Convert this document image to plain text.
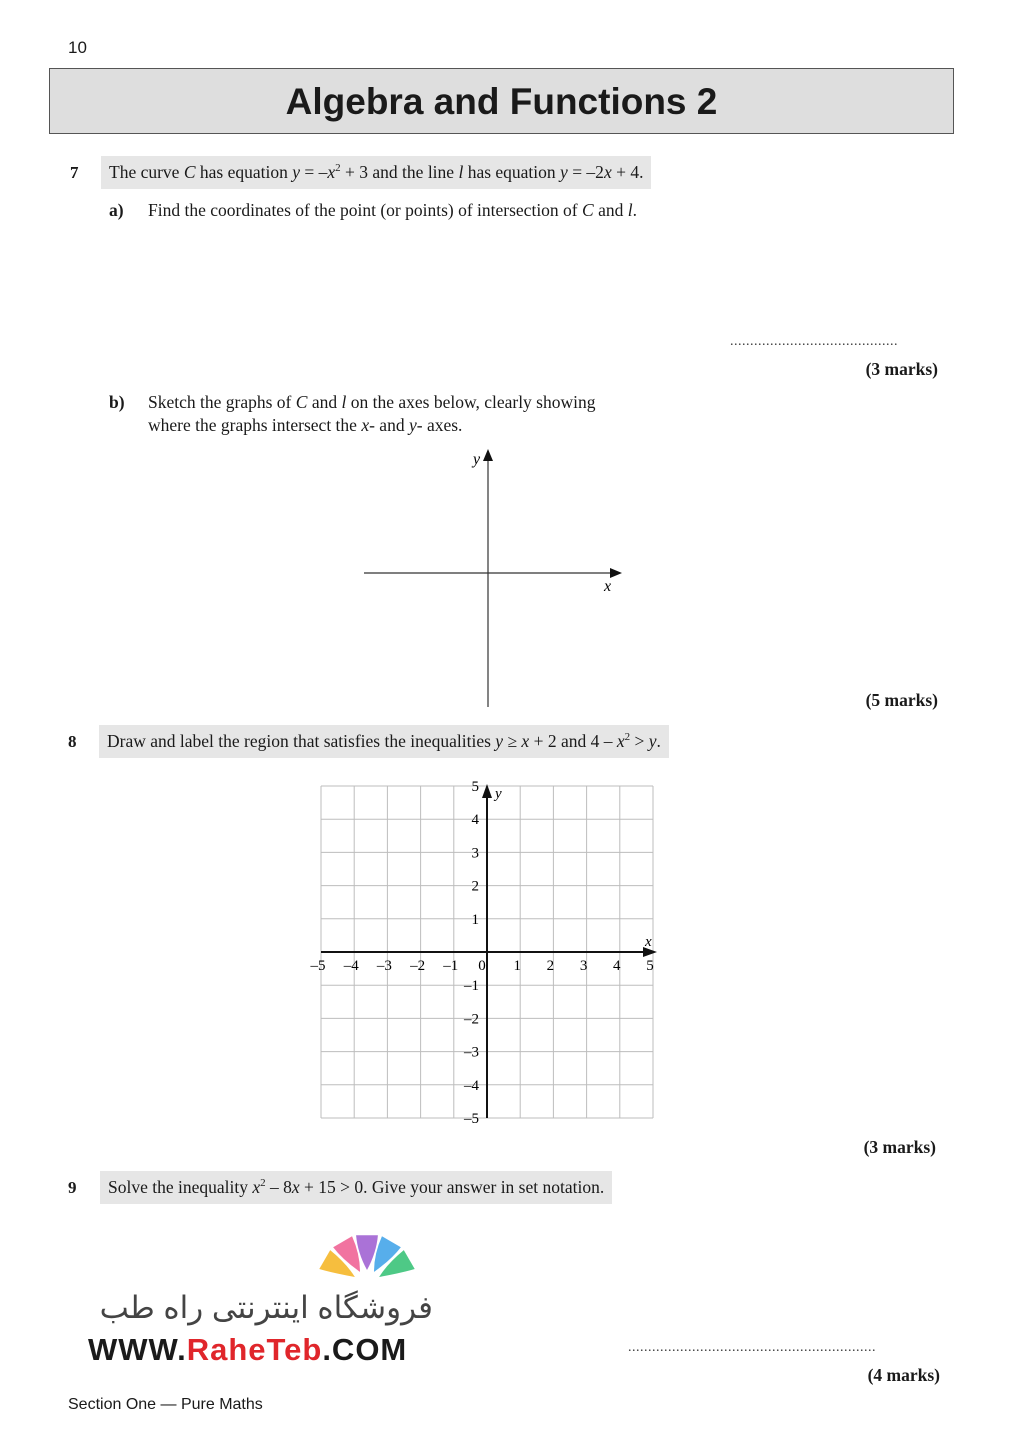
10
Algebra and Functions 2
7	The curve C has equation $y = -x^2 + 3$ and the line l has equation y = –2x + 4.
a) Find the coordinates of the point (or points) of intersection of C and l.
..........................................
(3 marks)
b) Sketch the graphs of C and l on the axes below, clearly showing
where the graphs intersect the x- and y- axes.
y
x
(5 marks)
8	Draw and label the region that satisfies the inequalities y ≥ x + 2 and $4 - x^2 > y$.
–5 –4 –3 –2 –1 0 1 2 3 4 5
1
2
3
4
5
–1
–2
–3
–4
–5
x
y
(3 marks)
9	Solve the inequality $x^2 - 8x + 15 > 0$. Give your answer in set notation.
فروشگاه اینترنتی راه طب
WWW.RaheTeb.COM	..............................................................
(4 marks)
Section One — Pure Maths
